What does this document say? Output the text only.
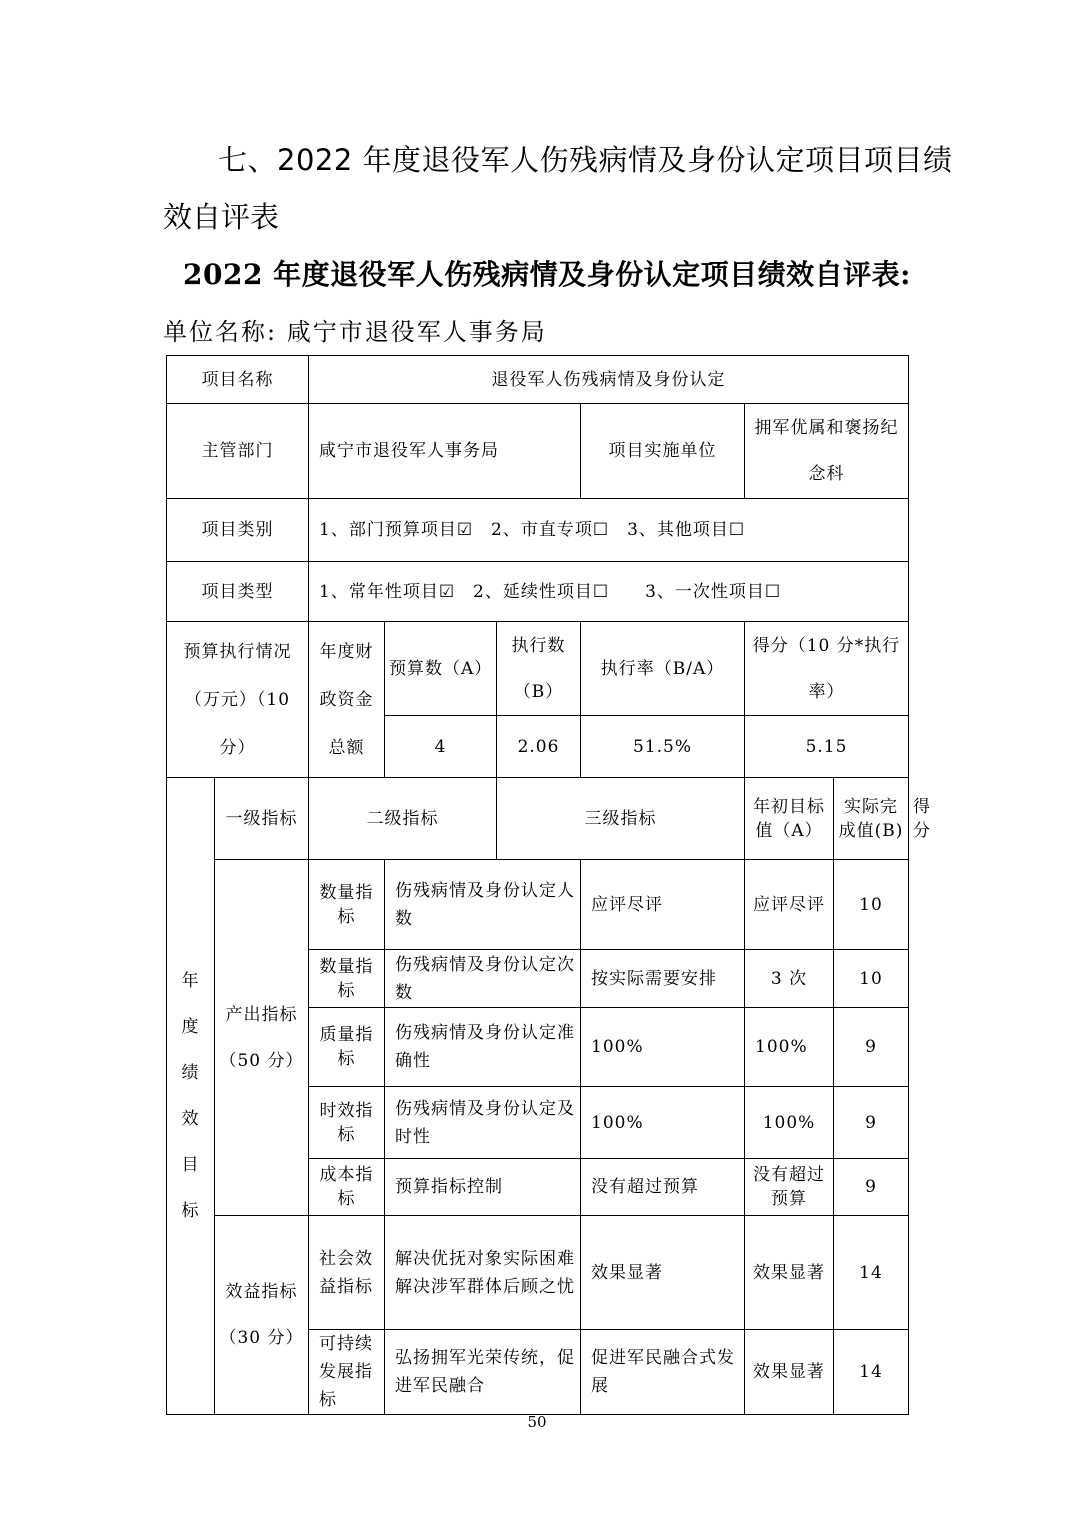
七、2022 年度退役军人伤残病情及身份认定项目项目绩
效自评表
2022 年度退役军人伤残病情及身份认定项目绩效自评表:
单位名称: 咸宁市退役军人事务局
项目名称		退役军人伤残病情及身份认定						
主管部门		咸宁市退役军人事务局			项目实施单位	拥军优属和褒扬纪念科		
项目类别		1、部门预算项目☑　2、市直专项☐　3、其他项目☐						
项目类型		1、常年性项目☑　2、延续性项目☐　　3、一次性项目☐						
预算执行情况（万元）（10 分）		年度财政资金总额	预算数（A）	执行数（B）	执行率（B/A）	得分（10 分*执行率）		
			4	2.06	51.5%	5.15		

年度绩效目标	一级指标	二级指标		三级指标		年初目标值（A）	实际完成值(B)	得分
	产出指标（50 分）	数量指标	伤残病情及身份认定人数		应评尽评	应评尽评	10	
		数量指标	伤残病情及身份认定次数		按实际需要安排	3 次	10	
		质量指标	伤残病情及身份认定准确性		100%	100%	9	
		时效指标	伤残病情及身份认定及时性		100%	100%	9	
		成本指标	预算指标控制		没有超过预算	没有超过预算	9	
	效益指标（30 分）	社会效益指标	解决优抚对象实际困难 解决涉军群体后顾之忧		效果显著	效果显著	14	
		可持续发展指标	弘扬拥军光荣传统，促进军民融合		促进军民融合式发展	效果显著	14	
50
